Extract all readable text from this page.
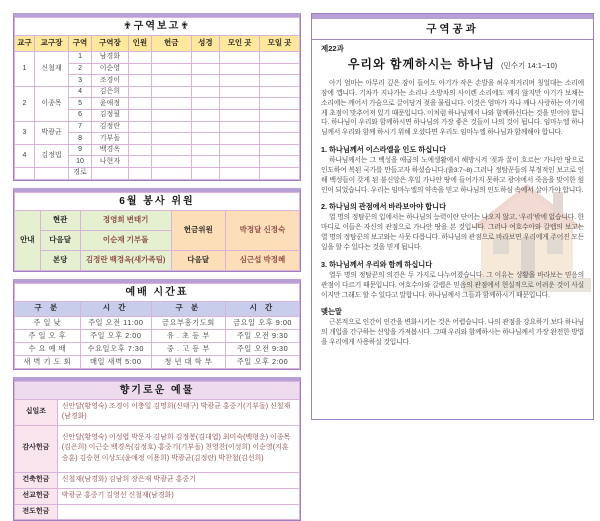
✟구역보고✟								
교구	교구장	구역	구역장	인원	헌금	성경	모인 곳	모일 곳
1	신철재	1	남경화					
		2	이순영					
		3	조경이					
2	이종목	4	김은희					
		5	윤애정					
		6	김정필					
3	박광균	7	김정란					
		8	기부돌					
4	김정법	9	백경옥					
		10	나현자					
		경로						
6월 봉사 위원				
안내	현관	정영희 변태기	헌금위원	박정달 신정숙
	다음달	이순재 기부돌		
	본당	김정란 백경옥(새가족팀)	다음달	심근섭 박정혜
예배 시간표			
구 분	시 간	구 분	시 간
주 일 낮	주일 오전 11:00	금요부흥기도회	금요일 오후 9:00
주 일 오 후	주일 오후 2:00	유 . 초 등 부	주일 오전 9:30
수 요 예 배	수요일오후 7:30	중 . 고 등 부	주일 오전 9:30
새 벽 기 도 회	매일 새벽 5:00	청 년 대 학 부	주일 오후 2:00
향기로운 예물	
십일조	신안달(황영숙) 조경이 이충일 김명희(신태구) 박광균 홍중기(기부돌) 신철재(남경화)
감사헌금	신안달(황영숙) 이성엽 박문자 김남희 김정봉(김대엽) 최미숙(백형운) 이종목(김은희) 이근순 백경옥(김정호) 홍중기(기부돌) 천영찬(이성희) 이순영(지훈 승훈) 김승현 이상도(윤애정 이용희) 박광균(김정란) 박찬철(김선희)
건축헌금	신철재(남경화) 김남희 장은재 박광균 홍중기
선교헌금	박광균 홍중기 김영선 신철재(남경화)
전도헌금	
구역공과
제22과
우리와 함께하시는 하나님 (민수기 14:1~10)

아기 엄마는 아무리 깊은 잠이 들어도 아기가 작은 손발을 허우적거리며 칭얼대는 소리에 잠에 깹니다. 기차가 지나가는 소리나 소방차의 사이렌 소리에도 깨지 않지만 아기가 보채는 소리에는 깨어서 가슴으로 끌어당겨 젖을 물립니다. 이것은 엄마가 자나 깨나 사랑하는 아기에게 초점이 맞추어져 있기 때문입니다. 이처럼 하나님께서 나와 함께하신다는 것을 믿어야 합니다. 하나님이 우리와 함께하시면 하나님의 가장 좋은 것들이 나의 것이 됩니다. 임마누엘 하나님께서 우리와 함께 하시기 위해 오셨다면 우리도 임마누엘 하나님과 함께해야 합니다.

1. 하나님께서 이스라엘을 인도 하십니다

하나님께서는 그 백성을 애굽의 노예생활에서 해방시켜 ‘젖과 꿀이 흐르는’ 가나안 땅으로 인도하여 복된 국가를 만들고자 하셨습니다.(출3:7~8) 그러나 정탐꾼들의 부정적인 보고로 인해 백성들이 갖게 된 불신앙은 후일 가나안 땅에 들어가지 못하고 광야에서 죽음을 맞이한 원인이 되었습니다. 우리는 임마누엘의 약속을 믿고 하나님의 인도하심 속에서 살아가야 합니다.

2. 하나님의 관점에서 바라보아야 합니다

열 명의 정탐꾼의 입에서는 하나님의 능력이란 단어는 나오지 않고, ‘우리’밖에 없습니다. 한마디로 이들은 자신의 관점으로 가나안 땅을 본 것입니다. 그러나 여호수아와 갈렙의 보고는 열 명의 정탐꾼의 보고와는 사뭇 다릅니다. 하나님의 관점으로 바라보면 우리에게 주어진 모든 일을 할 수 있다는 것을 믿게 됩니다.

3. 하나님께서 우리와 함께 하십니다

열두 명의 정탐꾼의 의견은 두 가지로 나누어졌습니다. 그 이유는 상황을 바라보는 믿음의 관점이 다르기 때문입니다. 여호수아와 갈렙은 믿음의 관점에서 현실적으로 어려운 것이 사실이지만 그래도 할 수 있다고 말합니다. 하나님께서 그들과 함께하시기 때문입니다.

맺는말

근본적으로 인간이 인간을 변화시키는 것은 어렵습니다. 나의 관점을 강요하기 보다 하나님의 개입을 간구하는 신앙을 가져봅시다. 그때 우리와 함께하시는 하나님께서 가장 완전한 방법을 우리에게 사용하실 것입니다.
